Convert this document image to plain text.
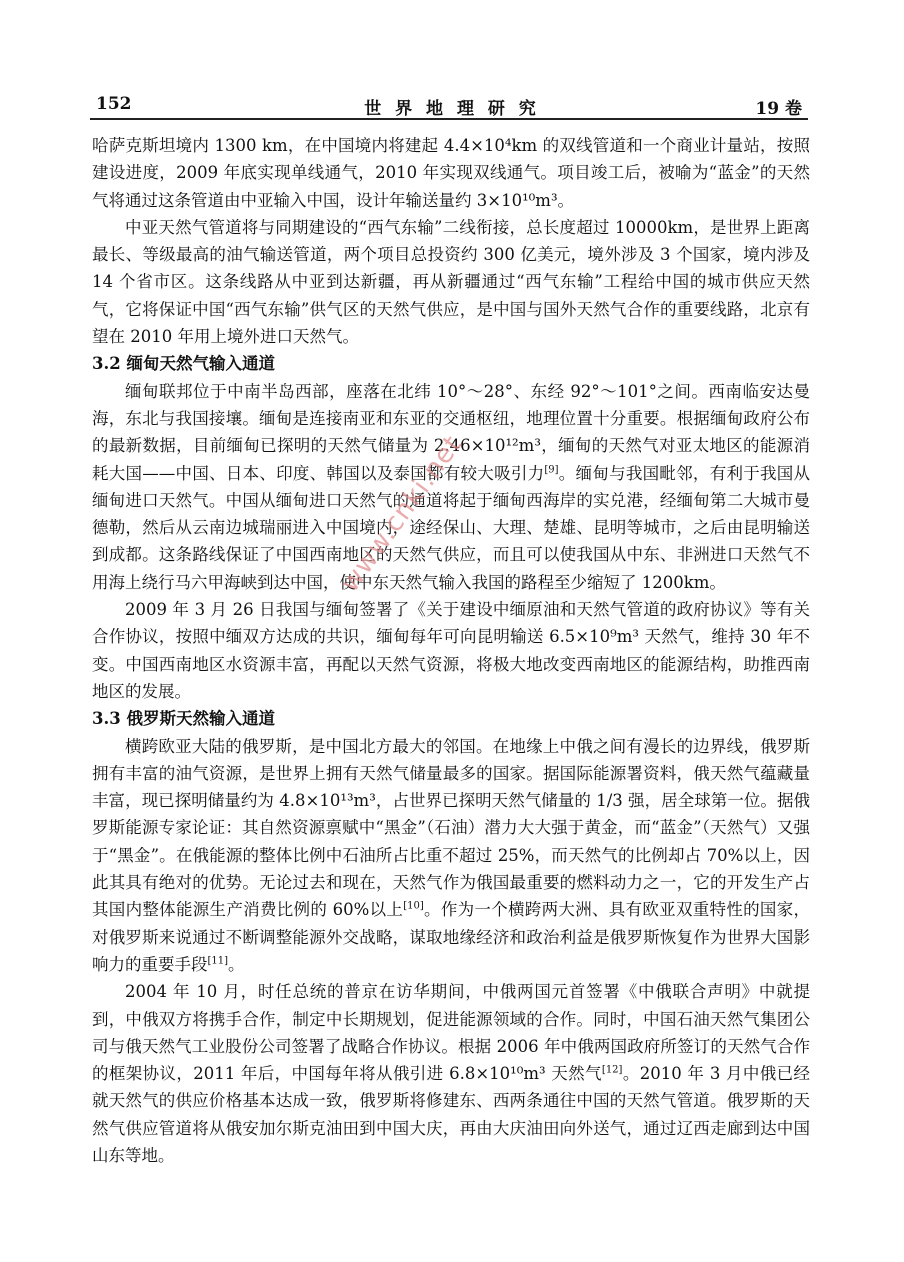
152	世 界 地 理 研 究	19 卷

哈萨克斯坦境内 1300 km，在中国境内将建起 4.4×10⁴km 的双线管道和一个商业计量站，按照建设进度，2009 年底实现单线通气，2010 年实现双线通气。项目竣工后，被喻为“蓝金”的天然气将通过这条管道由中亚输入中国，设计年输送量约 3×10¹⁰m³。

中亚天然气管道将与同期建设的“西气东输”二线衔接，总长度超过 10000km，是世界上距离最长、等级最高的油气输送管道，两个项目总投资约 300 亿美元，境外涉及 3 个国家，境内涉及 14 个省市区。这条线路从中亚到达新疆，再从新疆通过“西气东输”工程给中国的城市供应天然气，它将保证中国“西气东输”供气区的天然气供应，是中国与国外天然气合作的重要线路，北京有望在 2010 年用上境外进口天然气。

3.2 缅甸天然气输入通道

缅甸联邦位于中南半岛西部，座落在北纬 10°～28°、东经 92°～101°之间。西南临安达曼海，东北与我国接壤。缅甸是连接南亚和东亚的交通枢纽，地理位置十分重要。根据缅甸政府公布的最新数据，目前缅甸已探明的天然气储量为 2.46×10¹²m³，缅甸的天然气对亚太地区的能源消耗大国——中国、日本、印度、韩国以及泰国都有较大吸引力[9]。缅甸与我国毗邻，有利于我国从缅甸进口天然气。中国从缅甸进口天然气的通道将起于缅甸西海岸的实兑港，经缅甸第二大城市曼德勒，然后从云南边城瑞丽进入中国境内，途经保山、大理、楚雄、昆明等城市，之后由昆明输送到成都。这条路线保证了中国西南地区的天然气供应，而且可以使我国从中东、非洲进口天然气不用海上绕行马六甲海峡到达中国，使中东天然气输入我国的路程至少缩短了 1200km。

2009 年 3 月 26 日我国与缅甸签署了《关于建设中缅原油和天然气管道的政府协议》等有关合作协议，按照中缅双方达成的共识，缅甸每年可向昆明输送 6.5×10⁹m³ 天然气，维持 30 年不变。中国西南地区水资源丰富，再配以天然气资源，将极大地改变西南地区的能源结构，助推西南地区的发展。

3.3 俄罗斯天然输入通道

横跨欧亚大陆的俄罗斯，是中国北方最大的邻国。在地缘上中俄之间有漫长的边界线，俄罗斯拥有丰富的油气资源，是世界上拥有天然气储量最多的国家。据国际能源署资料，俄天然气蕴藏量丰富，现已探明储量约为 4.8×10¹³m³，占世界已探明天然气储量的 1/3 强，居全球第一位。据俄罗斯能源专家论证：其自然资源禀赋中“黑金”（石油）潜力大大强于黄金，而“蓝金”（天然气）又强于“黑金”。在俄能源的整体比例中石油所占比重不超过 25%，而天然气的比例却占 70%以上，因此其具有绝对的优势。无论过去和现在，天然气作为俄国最重要的燃料动力之一，它的开发生产占其国内整体能源生产消费比例的 60%以上[10]。作为一个横跨两大洲、具有欧亚双重特性的国家，对俄罗斯来说通过不断调整能源外交战略，谋取地缘经济和政治利益是俄罗斯恢复作为世界大国影响力的重要手段[11]。

2004 年 10 月，时任总统的普京在访华期间，中俄两国元首签署《中俄联合声明》中就提到，中俄双方将携手合作，制定中长期规划，促进能源领域的合作。同时，中国石油天然气集团公司与俄天然气工业股份公司签署了战略合作协议。根据 2006 年中俄两国政府所签订的天然气合作的框架协议，2011 年后，中国每年将从俄引进 6.8×10¹⁰m³ 天然气[12]。2010 年 3 月中俄已经就天然气的供应价格基本达成一致，俄罗斯将修建东、西两条通往中国的天然气管道。俄罗斯的天然气供应管道将从俄安加尔斯克油田到中国大庆，再由大庆油田向外送气，通过辽西走廊到达中国山东等地。

www.cnki.net
